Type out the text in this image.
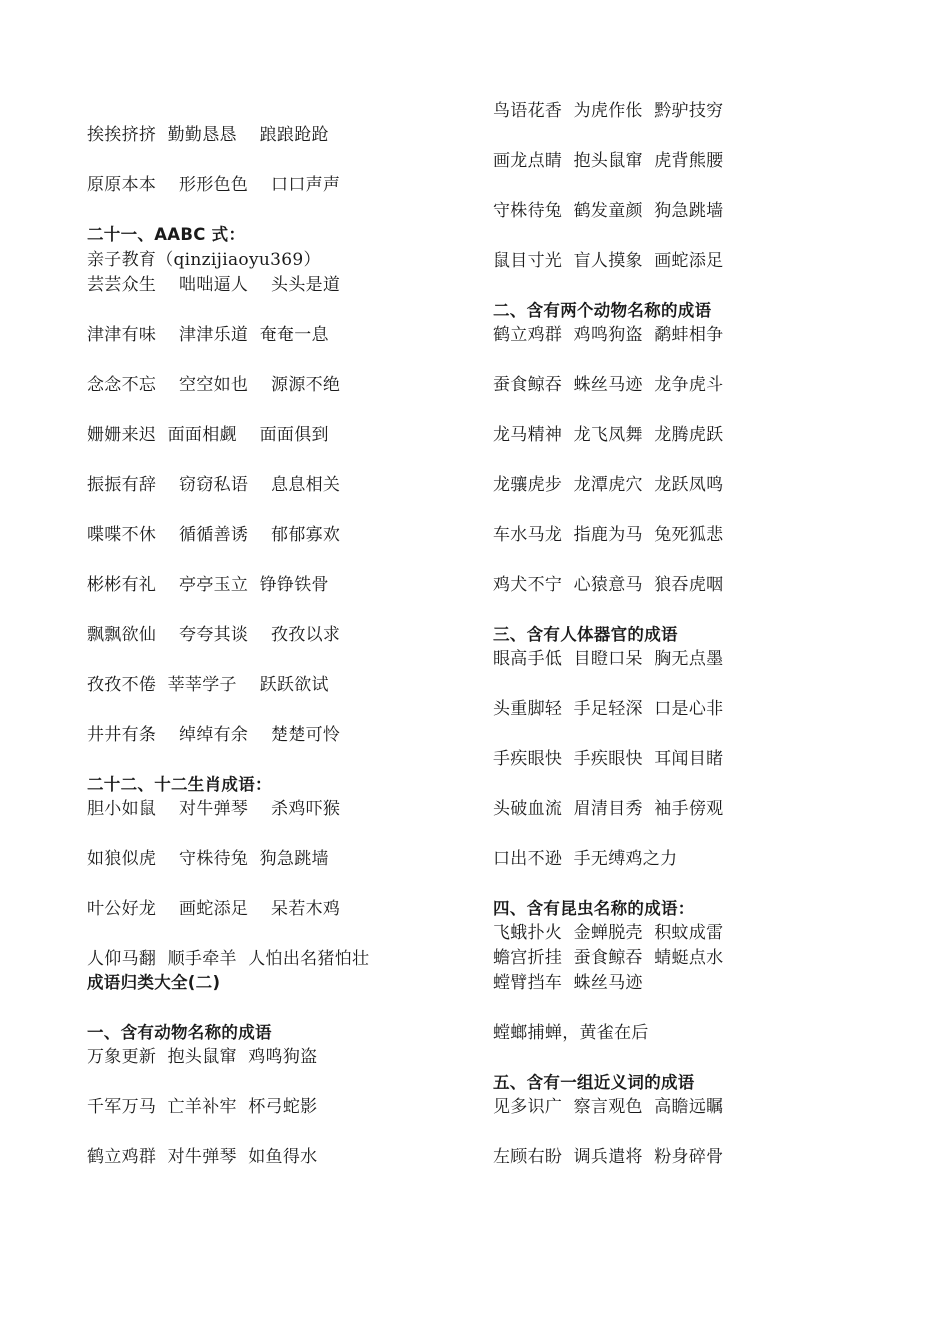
挨挨挤挤  勤勤恳恳    踉踉跄跄
原原本本    形形色色    口口声声
二十一、AABC 式：
亲子教育（qinzijiaoyu369）
芸芸众生    咄咄逼人    头头是道
津津有味    津津乐道  奄奄一息
念念不忘    空空如也    源源不绝
姗姗来迟  面面相觑    面面俱到
振振有辞    窃窃私语    息息相关
喋喋不休    循循善诱    郁郁寡欢
彬彬有礼    亭亭玉立  铮铮铁骨
飘飘欲仙    夸夸其谈    孜孜以求
孜孜不倦  莘莘学子    跃跃欲试
井井有条    绰绰有余    楚楚可怜
二十二、十二生肖成语：
胆小如鼠    对牛弹琴    杀鸡吓猴
如狼似虎    守株待兔  狗急跳墙
叶公好龙    画蛇添足    呆若木鸡
人仰马翻  顺手牵羊  人怕出名猪怕壮
成语归类大全(二)
一、含有动物名称的成语
万象更新  抱头鼠窜  鸡鸣狗盗
千军万马  亡羊补牢  杯弓蛇影
鹤立鸡群  对牛弹琴  如鱼得水
鸟语花香  为虎作伥  黔驴技穷
画龙点睛  抱头鼠窜  虎背熊腰
守株待兔  鹤发童颜  狗急跳墙
鼠目寸光  盲人摸象  画蛇添足
二、含有两个动物名称的成语
鹤立鸡群  鸡鸣狗盗  鹬蚌相争
蚕食鲸吞  蛛丝马迹  龙争虎斗
龙马精神  龙飞凤舞  龙腾虎跃
龙骧虎步  龙潭虎穴  龙跃凤鸣
车水马龙  指鹿为马  兔死狐悲
鸡犬不宁  心猿意马  狼吞虎咽
三、含有人体器官的成语
眼高手低  目瞪口呆  胸无点墨
头重脚轻  手足轻深  口是心非
手疾眼快  手疾眼快  耳闻目睹
头破血流  眉清目秀  袖手傍观
口出不逊  手无缚鸡之力
四、含有昆虫名称的成语：
飞蛾扑火  金蝉脱壳  积蚊成雷
蟾宫折挂  蚕食鲸吞  蜻蜓点水
螳臂挡车  蛛丝马迹
螳螂捕蝉，黄雀在后
五、含有一组近义词的成语
见多识广  察言观色  高瞻远瞩
左顾右盼  调兵遣将  粉身碎骨
